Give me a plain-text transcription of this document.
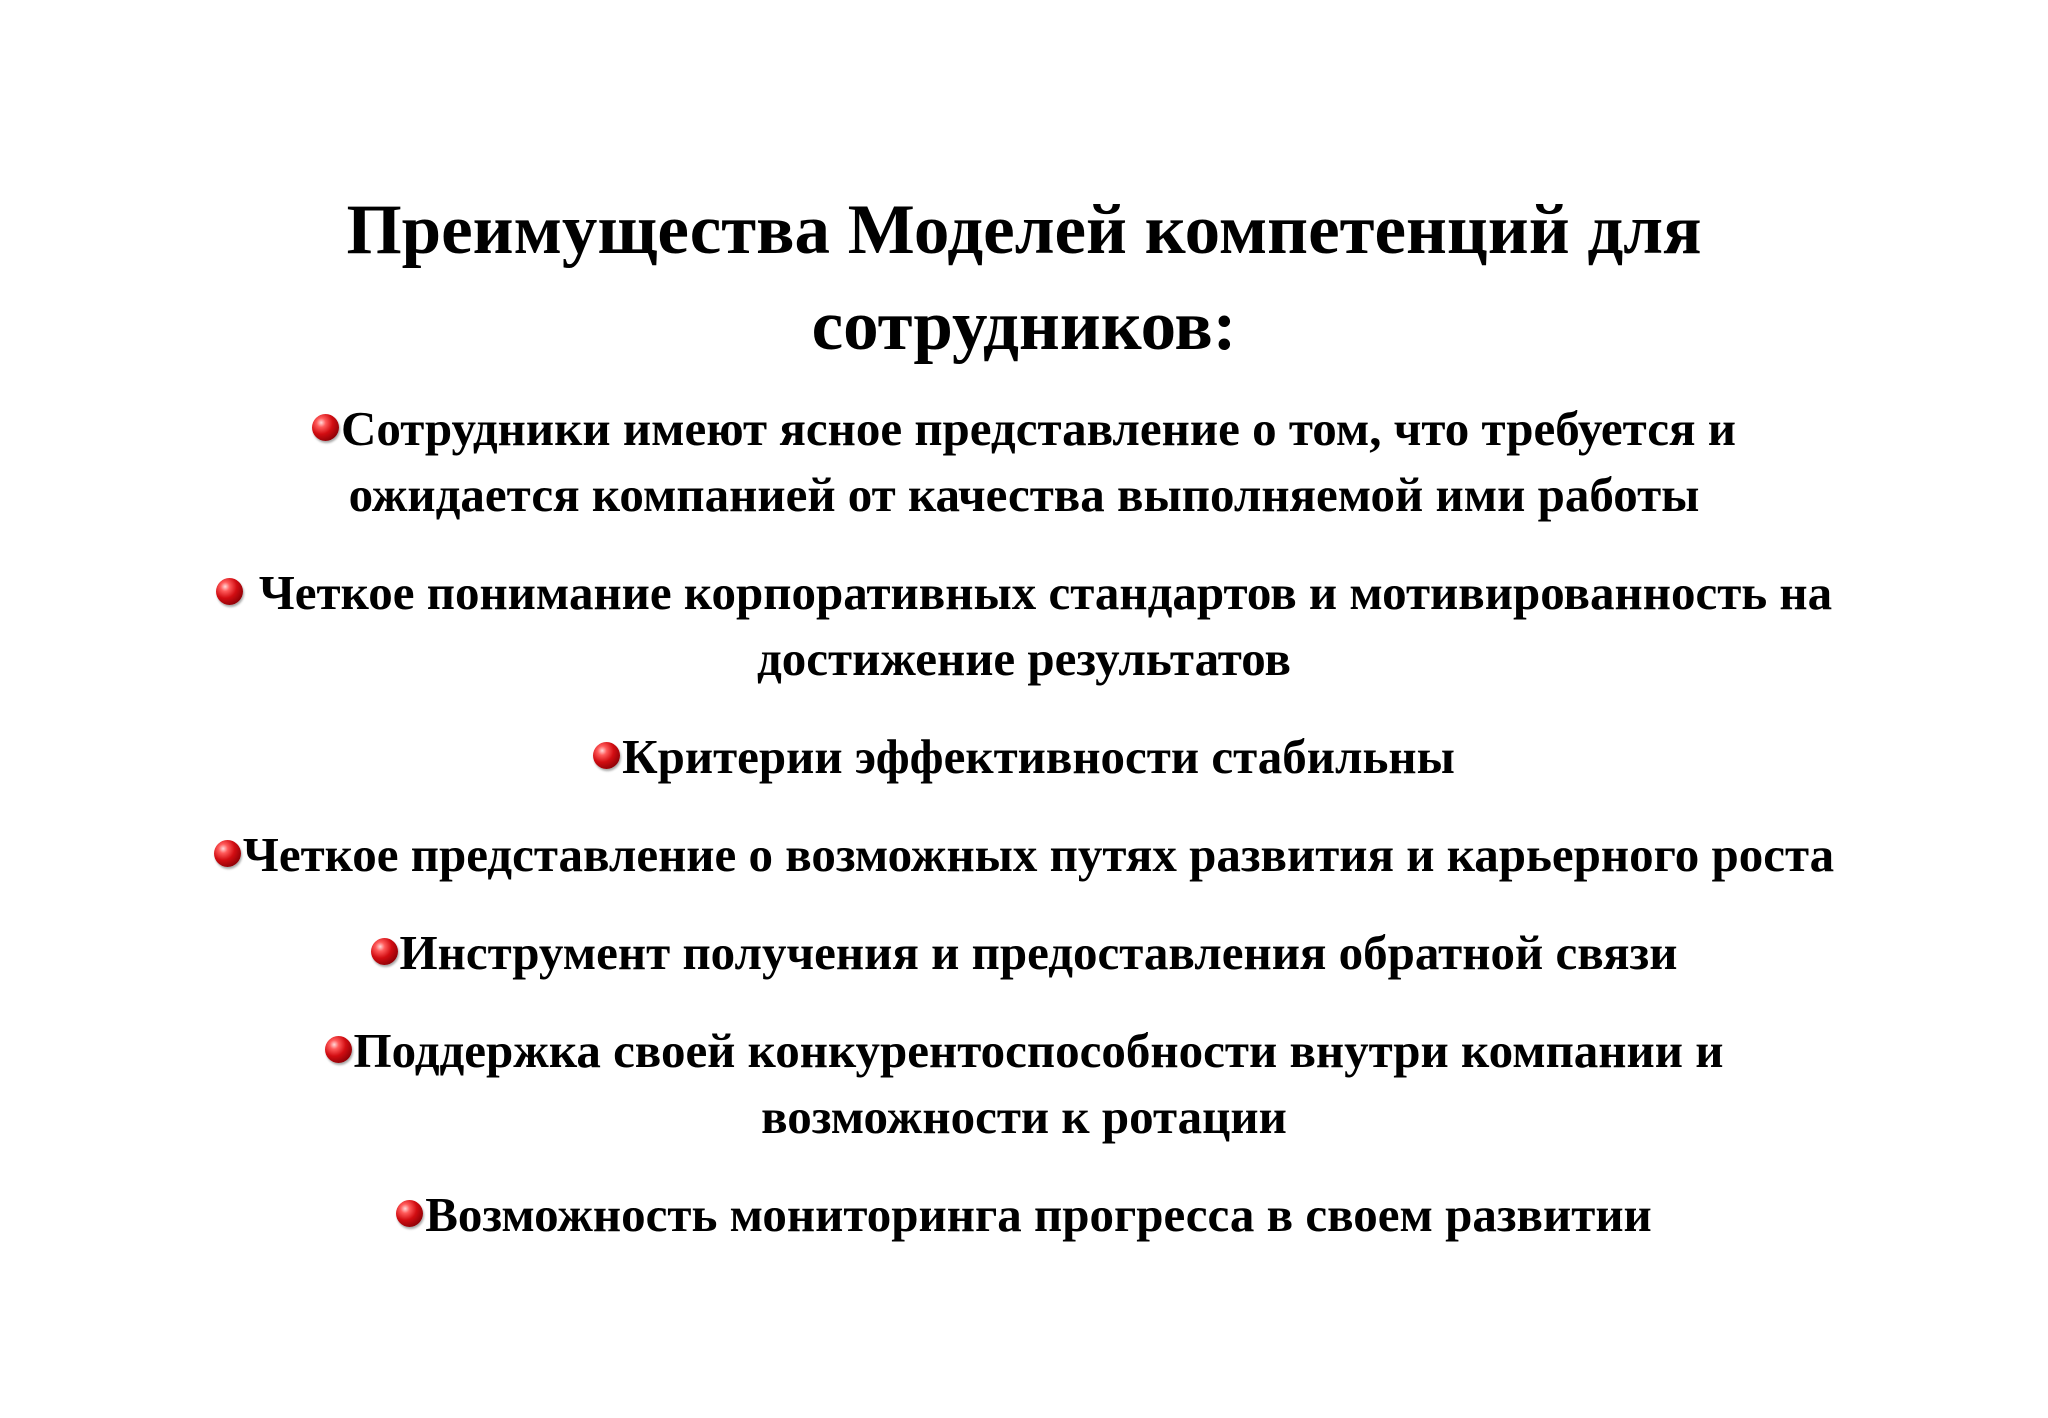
Преимущества Моделей компетенций для
сотрудников:
Сотрудники имеют ясное представление о том, что требуется и
ожидается компанией от качества выполняемой ими работы
Четкое понимание корпоративных стандартов и мотивированность на
достижение результатов
Критерии эффективности стабильны
Четкое представление о возможных путях развития и карьерного роста
Инструмент получения и предоставления обратной связи
Поддержка своей конкурентоспособности внутри компании и
возможности к ротации
Возможность мониторинга прогресса в своем развитии
